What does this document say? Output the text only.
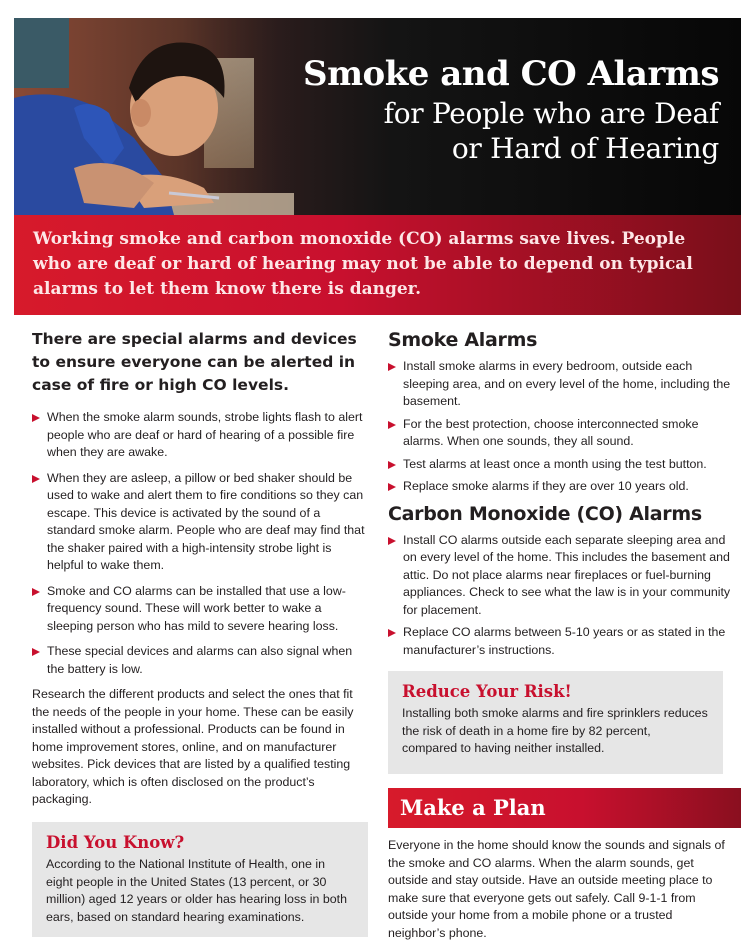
Smoke and CO Alarms
for People who are Deaf
or Hard of Hearing

Working smoke and carbon monoxide (CO) alarms save lives. People who are deaf or hard of hearing may not be able to depend on typical alarms to let them know there is danger.

There are special alarms and devices to ensure everyone can be alerted in case of fire or high CO levels.
When the smoke alarm sounds, strobe lights flash to alert people who are deaf or hard of hearing of a possible fire when they are awake.
When they are asleep, a pillow or bed shaker should be used to wake and alert them to fire conditions so they can escape. This device is activated by the sound of a standard smoke alarm. People who are deaf may find that the shaker paired with a high-intensity strobe light is helpful to wake them.
Smoke and CO alarms can be installed that use a low-frequency sound. These will work better to wake a sleeping person who has mild to severe hearing loss.
These special devices and alarms can also signal when the battery is low.

Research the different products and select the ones that fit the needs of the people in your home. These can be easily installed without a professional. Products can be found in home improvement stores, online, and on manufacturer websites. Pick devices that are listed by a qualified testing laboratory, which is often disclosed on the product’s packaging.

Did You Know?

According to the National Institute of Health, one in eight people in the United States (13 percent, or 30 million) aged 12 years or older has hearing loss in both ears, based on standard hearing examinations.

Smoke Alarms
Install smoke alarms in every bedroom, outside each sleeping area, and on every level of the home, including the basement.
For the best protection, choose interconnected smoke alarms. When one sounds, they all sound.
Test alarms at least once a month using the test button.
Replace smoke alarms if they are over 10 years old.
Carbon Monoxide (CO) Alarms
Install CO alarms outside each separate sleeping area and on every level of the home. This includes the basement and attic. Do not place alarms near fireplaces or fuel-burning appliances. Check to see what the law is in your community for placement.
Replace CO alarms between 5-10 years or as stated in the manufacturer’s instructions.
Reduce Your Risk!

Installing both smoke alarms and fire sprinklers reduces the risk of death in a home fire by 82 percent, compared to having neither installed.

Make a Plan

Everyone in the home should know the sounds and signals of the smoke and CO alarms. When the alarm sounds, get outside and stay outside. Have an outside meeting place to make sure that everyone gets out safely. Call 9-1-1 from outside your home from a mobile phone or a trusted neighbor’s phone.
